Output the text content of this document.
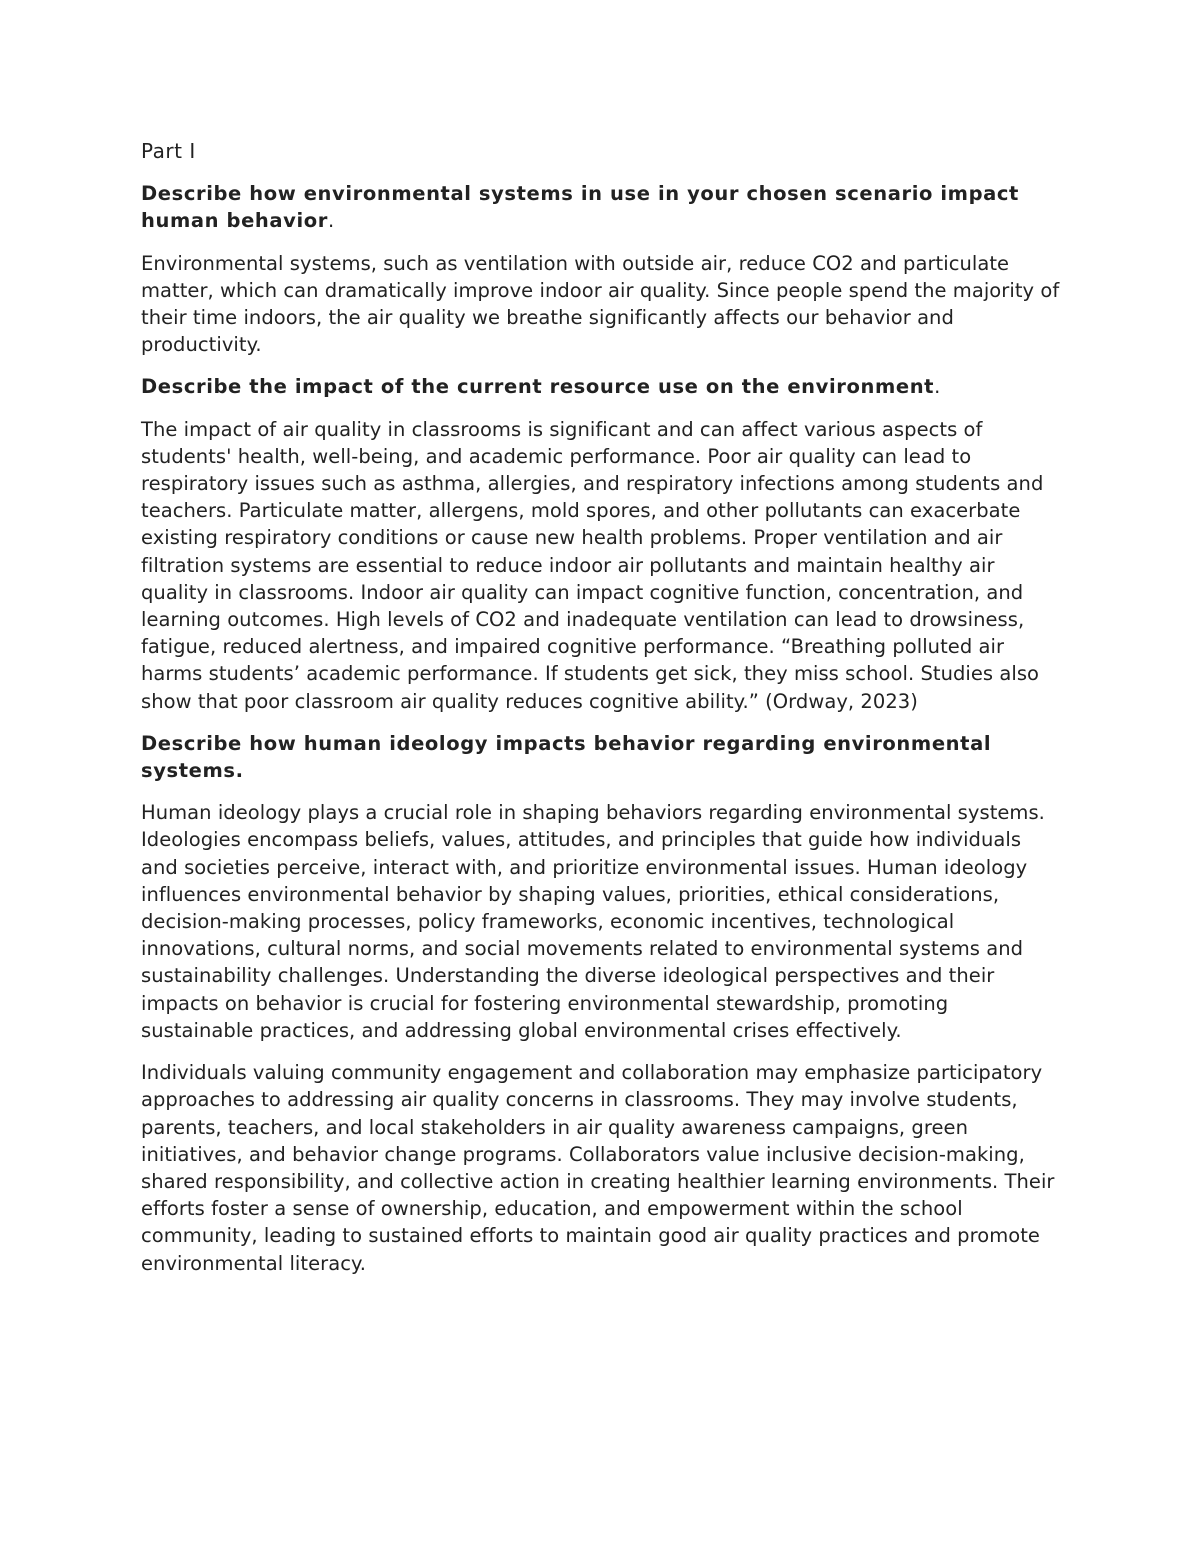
Part I
Describe how environmental systems in use in your chosen scenario impact human behavior.

Environmental systems, such as ventilation with outside air, reduce CO2 and particulate matter, which can dramatically improve indoor air quality. Since people spend the majority of their time indoors, the air quality we breathe significantly affects our behavior and productivity.

Describe the impact of the current resource use on the environment.

The impact of air quality in classrooms is significant and can affect various aspects of students' health, well-being, and academic performance. Poor air quality can lead to respiratory issues such as asthma, allergies, and respiratory infections among students and teachers. Particulate matter, allergens, mold spores, and other pollutants can exacerbate existing respiratory conditions or cause new health problems. Proper ventilation and air filtration systems are essential to reduce indoor air pollutants and maintain healthy air quality in classrooms. Indoor air quality can impact cognitive function, concentration, and learning outcomes. High levels of CO2 and inadequate ventilation can lead to drowsiness, fatigue, reduced alertness, and impaired cognitive performance. “Breathing polluted air harms students’ academic performance. If students get sick, they miss school. Studies also show that poor classroom air quality reduces cognitive ability.” (Ordway, 2023)

Describe how human ideology impacts behavior regarding environmental systems.

Human ideology plays a crucial role in shaping behaviors regarding environmental systems. Ideologies encompass beliefs, values, attitudes, and principles that guide how individuals and societies perceive, interact with, and prioritize environmental issues. Human ideology influences environmental behavior by shaping values, priorities, ethical considerations, decision-making processes, policy frameworks, economic incentives, technological innovations, cultural norms, and social movements related to environmental systems and sustainability challenges. Understanding the diverse ideological perspectives and their impacts on behavior is crucial for fostering environmental stewardship, promoting sustainable practices, and addressing global environmental crises effectively.

Individuals valuing community engagement and collaboration may emphasize participatory approaches to addressing air quality concerns in classrooms. They may involve students, parents, teachers, and local stakeholders in air quality awareness campaigns, green initiatives, and behavior change programs. Collaborators value inclusive decision-making, shared responsibility, and collective action in creating healthier learning environments. Their efforts foster a sense of ownership, education, and empowerment within the school community, leading to sustained efforts to maintain good air quality practices and promote environmental literacy.
